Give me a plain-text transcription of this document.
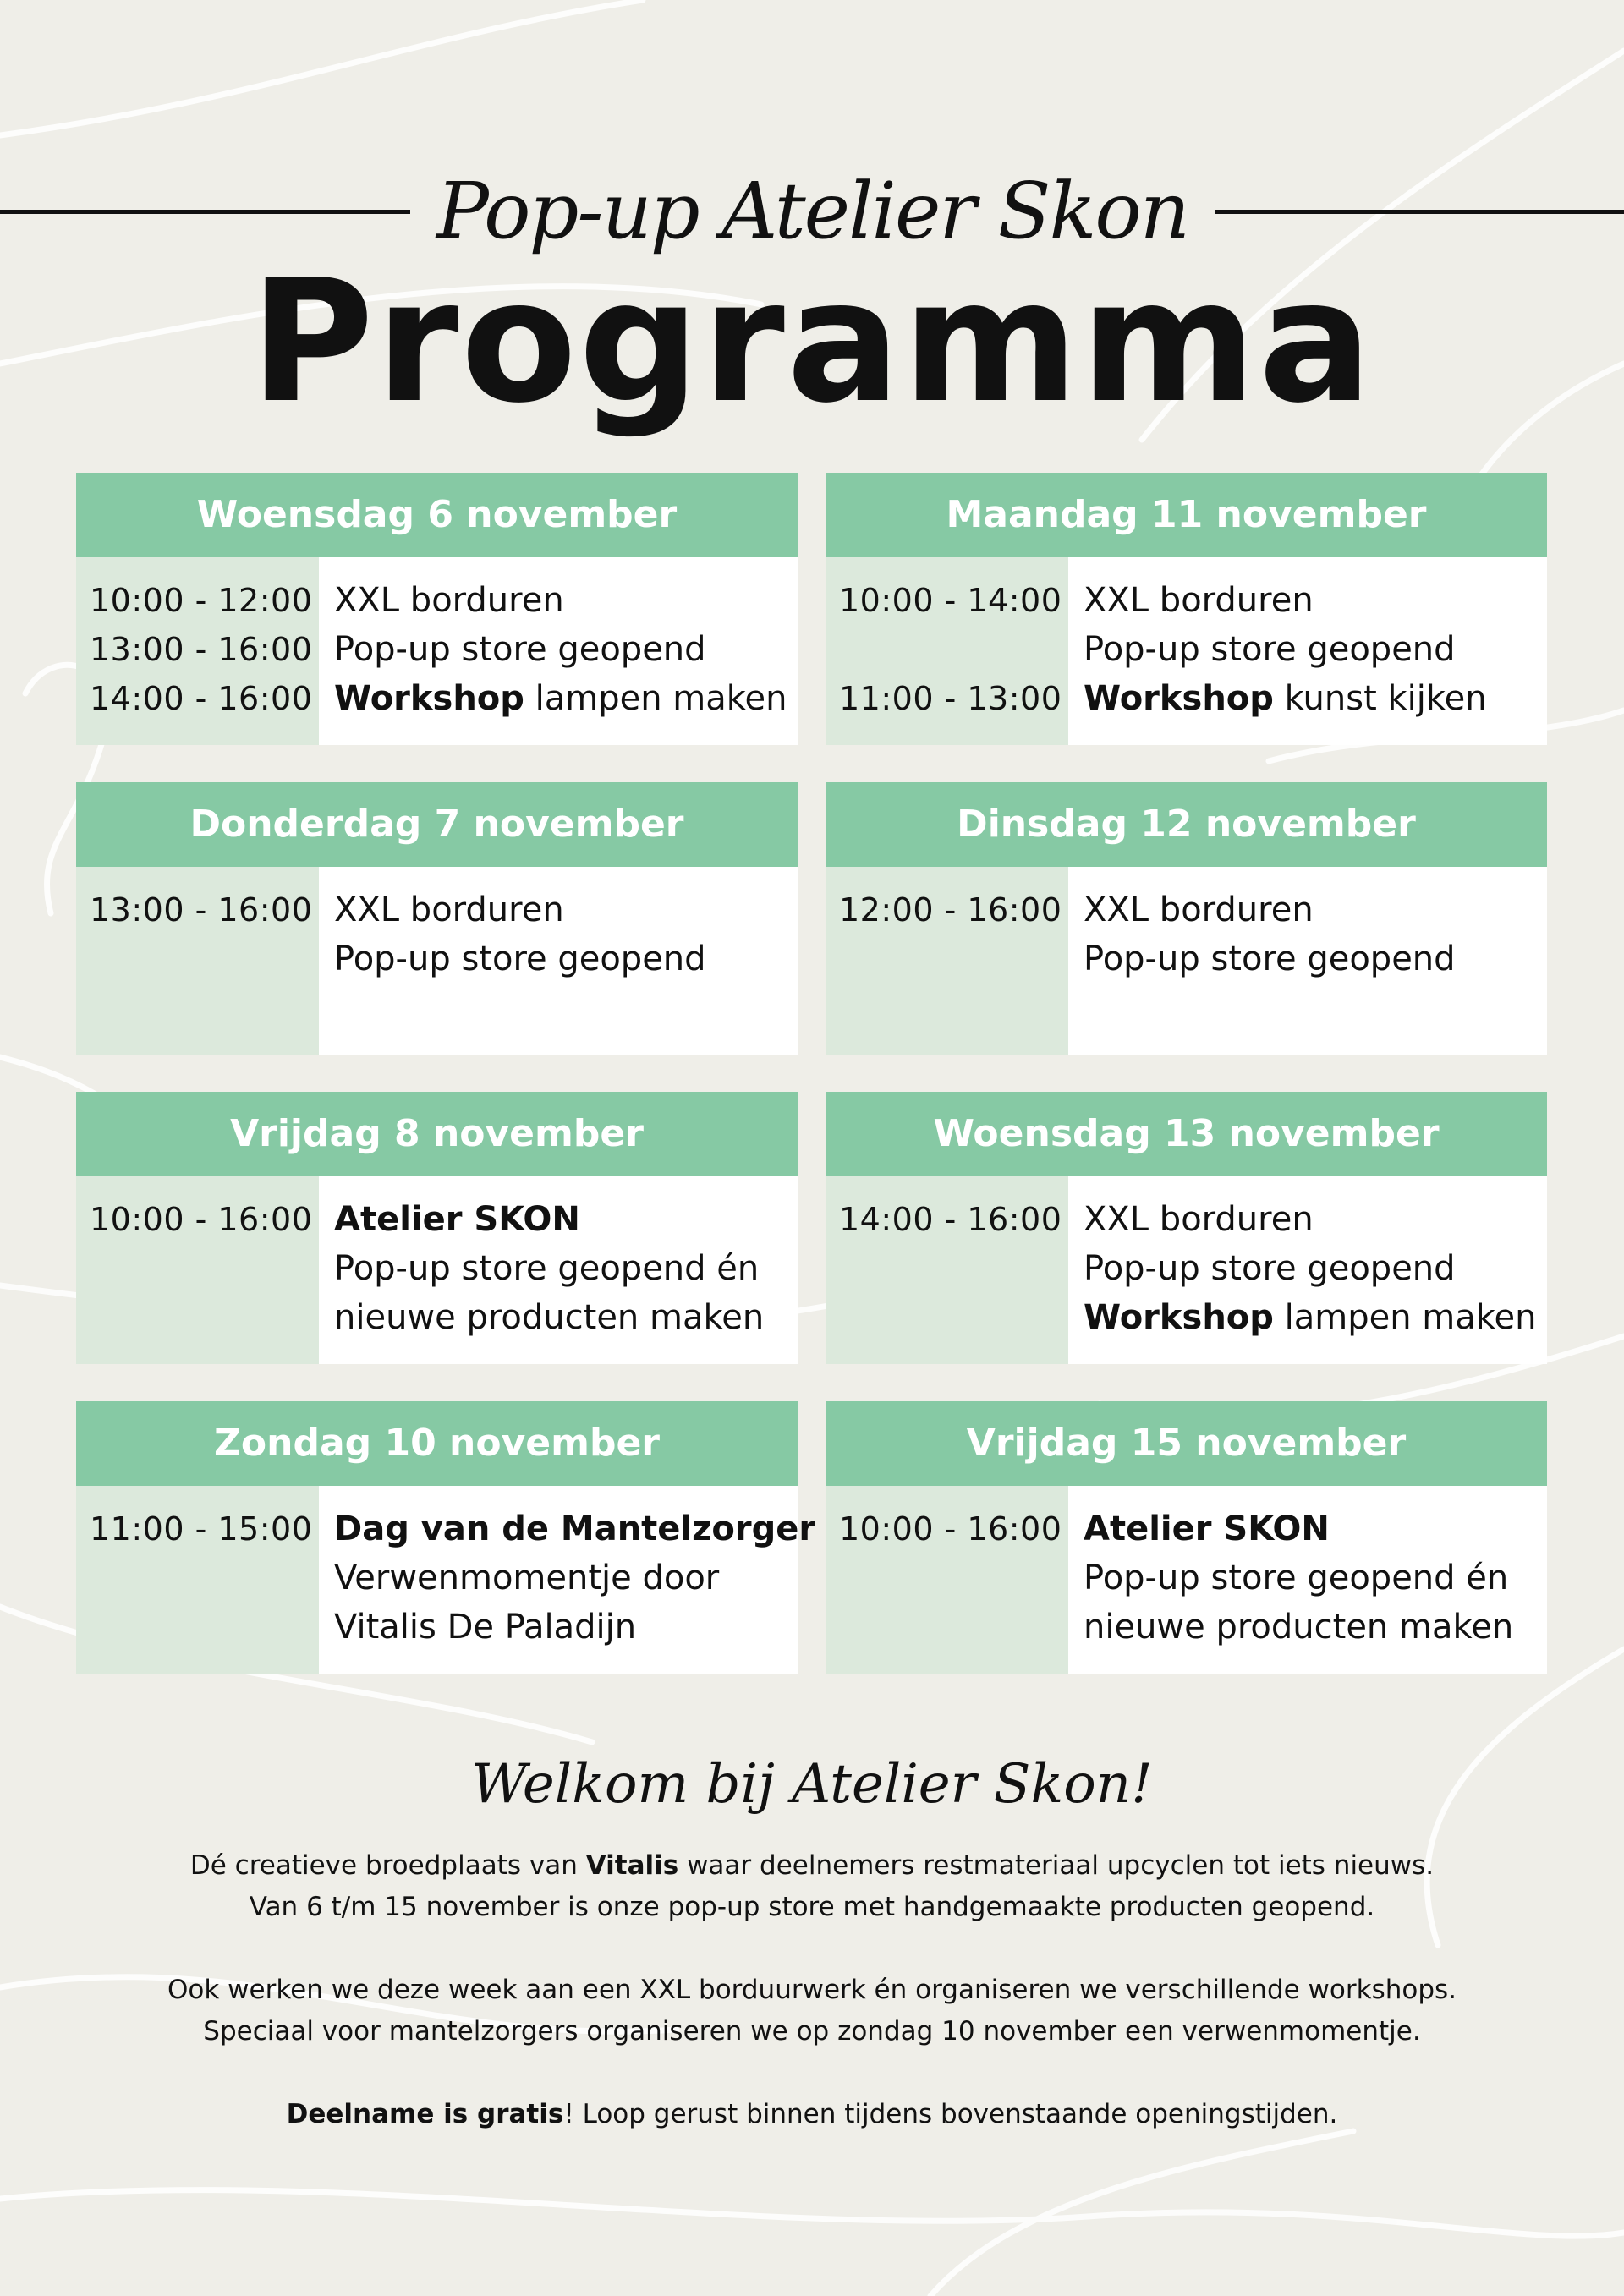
Pop-up Atelier Skon
Programma
Woensdag 6 november
10:00 - 12:00
13:00 - 16:00
14:00 - 16:00
XXL borduren
Pop-up store geopend
Workshop lampen maken
Maandag 11 november
10:00 - 14:00
11:00 - 13:00
XXL borduren
Pop-up store geopend
Workshop kunst kijken
Donderdag 7 november
13:00 - 16:00 XXL borduren
Pop-up store geopend
Dinsdag 12 november
12:00 - 16:00 XXL borduren
Pop-up store geopend
Vrijdag 8 november
10:00 - 16:00 Atelier SKON
Pop-up store geopend én
nieuwe producten maken
Woensdag 13 november
14:00 - 16:00 XXL borduren
Pop-up store geopend
Workshop lampen maken
Zondag 10 november
11:00 - 15:00 Dag van de Mantelzorger
Verwenmomentje door
Vitalis De Paladijn
Vrijdag 15 november
10:00 - 16:00 Atelier SKON
Pop-up store geopend én
nieuwe producten maken
Welkom bij Atelier Skon!
Dé creatieve broedplaats van Vitalis waar deelnemers restmateriaal upcyclen tot iets nieuws.
Van 6 t/m 15 november is onze pop-up store met handgemaakte producten geopend.
Ook werken we deze week aan een XXL borduurwerk én organiseren we verschillende workshops.
Speciaal voor mantelzorgers organiseren we op zondag 10 november een verwenmomentje.
Deelname is gratis! Loop gerust binnen tijdens bovenstaande openingstijden.
